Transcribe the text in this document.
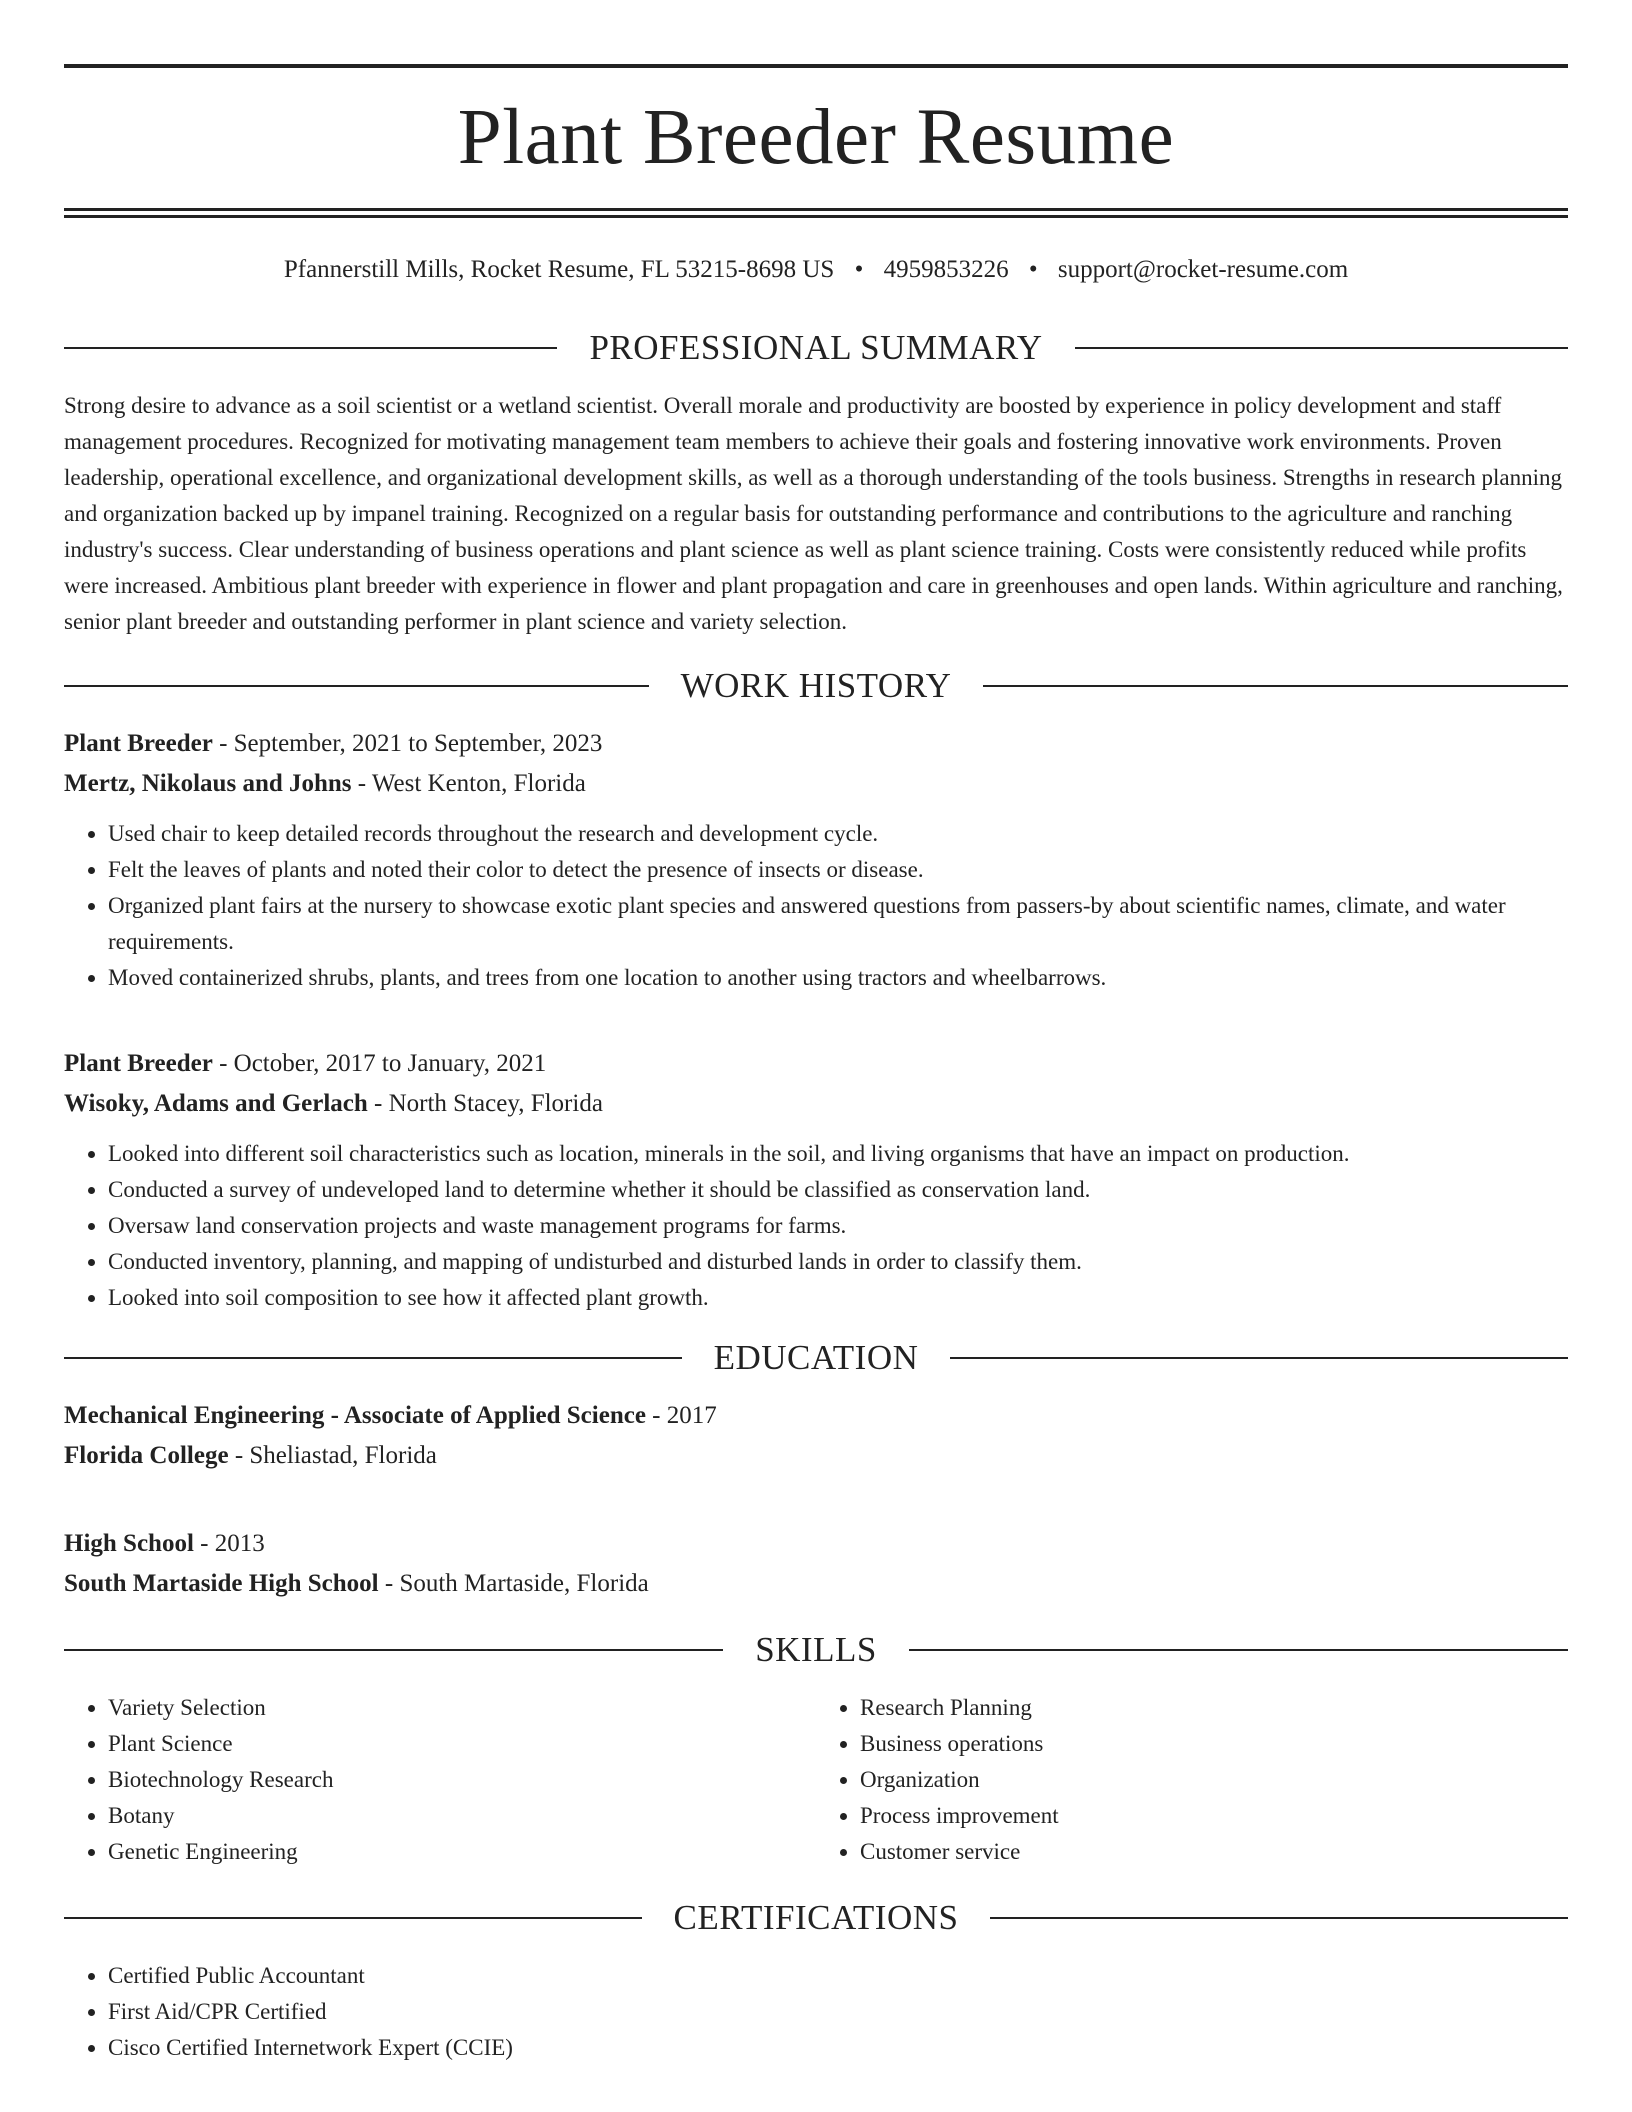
Plant Breeder Resume
Pfannerstill Mills, Rocket Resume, FL 53215-8698 US • 4959853226 • support@rocket-resume.com
PROFESSIONAL SUMMARY

Strong desire to advance as a soil scientist or a wetland scientist. Overall morale and productivity are boosted by experience in policy development and staff management procedures. Recognized for motivating management team members to achieve their goals and fostering innovative work environments. Proven leadership, operational excellence, and organizational development skills, as well as a thorough understanding of the tools business. Strengths in research planning and organization backed up by impanel training. Recognized on a regular basis for outstanding performance and contributions to the agriculture and ranching industry's success. Clear understanding of business operations and plant science as well as plant science training. Costs were consistently reduced while profits were increased. Ambitious plant breeder with experience in flower and plant propagation and care in greenhouses and open lands. Within agriculture and ranching, senior plant breeder and outstanding performer in plant science and variety selection.

WORK HISTORY
Plant Breeder - September, 2021 to September, 2023
Mertz, Nikolaus and Johns - West Kenton, Florida
• Used chair to keep detailed records throughout the research and development cycle.
• Felt the leaves of plants and noted their color to detect the presence of insects or disease.
• Organized plant fairs at the nursery to showcase exotic plant species and answered questions from passers-by about scientific names, climate, and water requirements.
• Moved containerized shrubs, plants, and trees from one location to another using tractors and wheelbarrows.
Plant Breeder - October, 2017 to January, 2021
Wisoky, Adams and Gerlach - North Stacey, Florida
• Looked into different soil characteristics such as location, minerals in the soil, and living organisms that have an impact on production.
• Conducted a survey of undeveloped land to determine whether it should be classified as conservation land.
• Oversaw land conservation projects and waste management programs for farms.
• Conducted inventory, planning, and mapping of undisturbed and disturbed lands in order to classify them.
• Looked into soil composition to see how it affected plant growth.
EDUCATION
Mechanical Engineering - Associate of Applied Science - 2017
Florida College - Sheliastad, Florida
High School - 2013
South Martaside High School - South Martaside, Florida
SKILLS
• Variety Selection
• Plant Science
• Biotechnology Research
• Botany
• Genetic Engineering
• Research Planning
• Business operations
• Organization
• Process improvement
• Customer service
CERTIFICATIONS
• Certified Public Accountant
• First Aid/CPR Certified
• Cisco Certified Internetwork Expert (CCIE)
